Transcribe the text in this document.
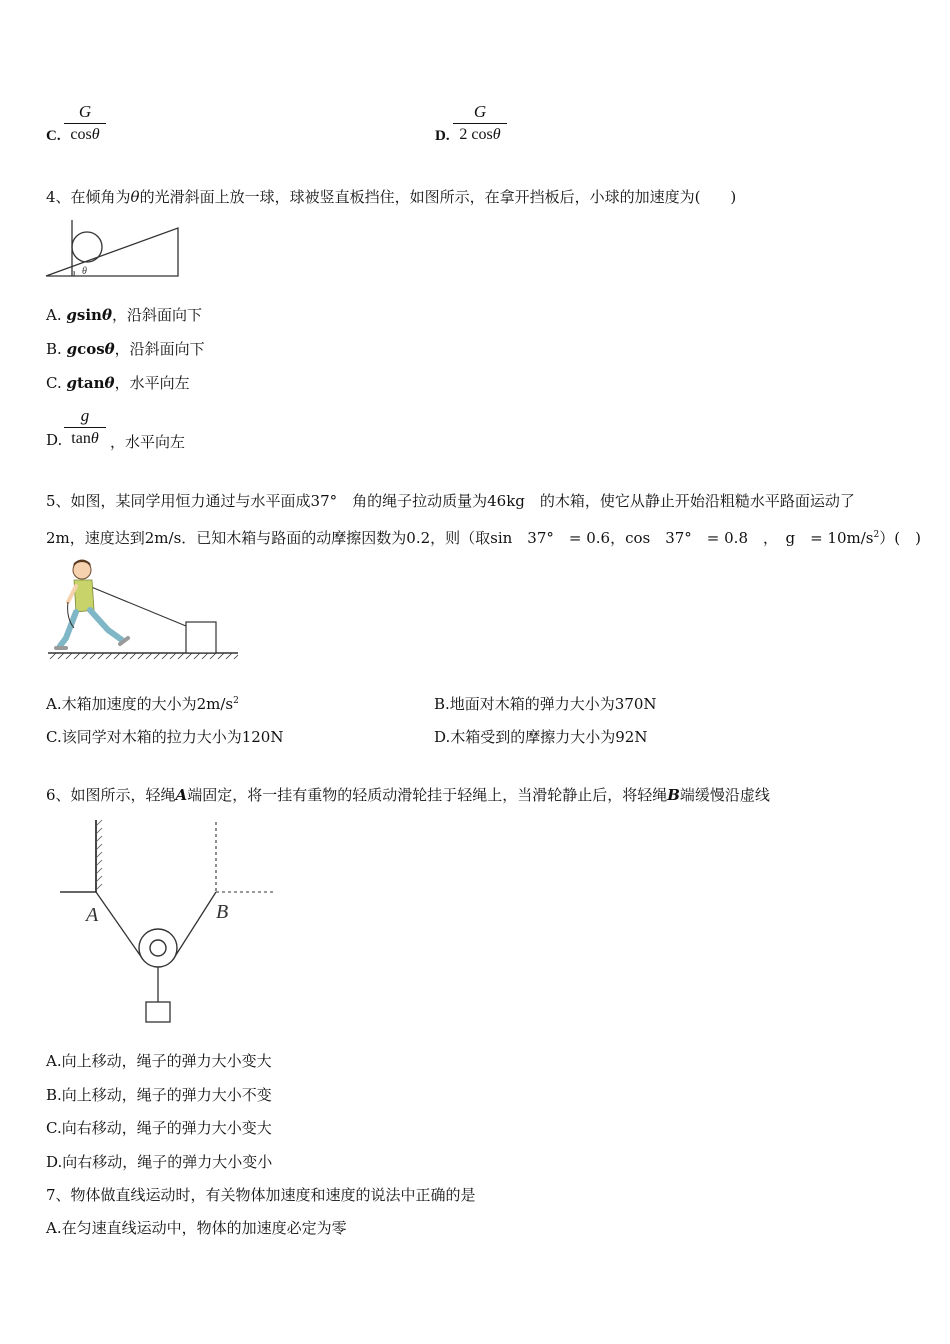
C.
G
cosθ	D.
G
2 cosθ
4、在倾角为θ的光滑斜面上放一球，球被竖直板挡住，如图所示，在拿开挡板后，小球的加速度为(　　)
θ
A. gsinθ，沿斜面向下
B. gcosθ，沿斜面向下
C. gtanθ，水平向左
D.
g
tanθ ，水平向左
5、如图，某同学用恒力通过与水平面成37°　角的绳子拉动质量为46kg　的木箱，使它从静止开始沿粗糙水平路面运动了
2m，速度达到2m/s．已知木箱与路面的动摩擦因数为0.2，则（取sin　37°　= 0.6，cos　37°　= 0.8　，　g　= $10m/s^2$）(　)
A.木箱加速度的大小为$2m/s^2$	B.地面对木箱的弹力大小为370N
C.该同学对木箱的拉力大小为120N	D.木箱受到的摩擦力大小为92N
6、如图所示，轻绳A端固定，将一挂有重物的轻质动滑轮挂于轻绳上，当滑轮静止后，将轻绳B端缓慢沿虚线
A	B
A.向上移动，绳子的弹力大小变大
B.向上移动，绳子的弹力大小不变
C.向右移动，绳子的弹力大小变大
D.向右移动，绳子的弹力大小变小
7、物体做直线运动时，有关物体加速度和速度的说法中正确的是
A.在匀速直线运动中，物体的加速度必定为零
